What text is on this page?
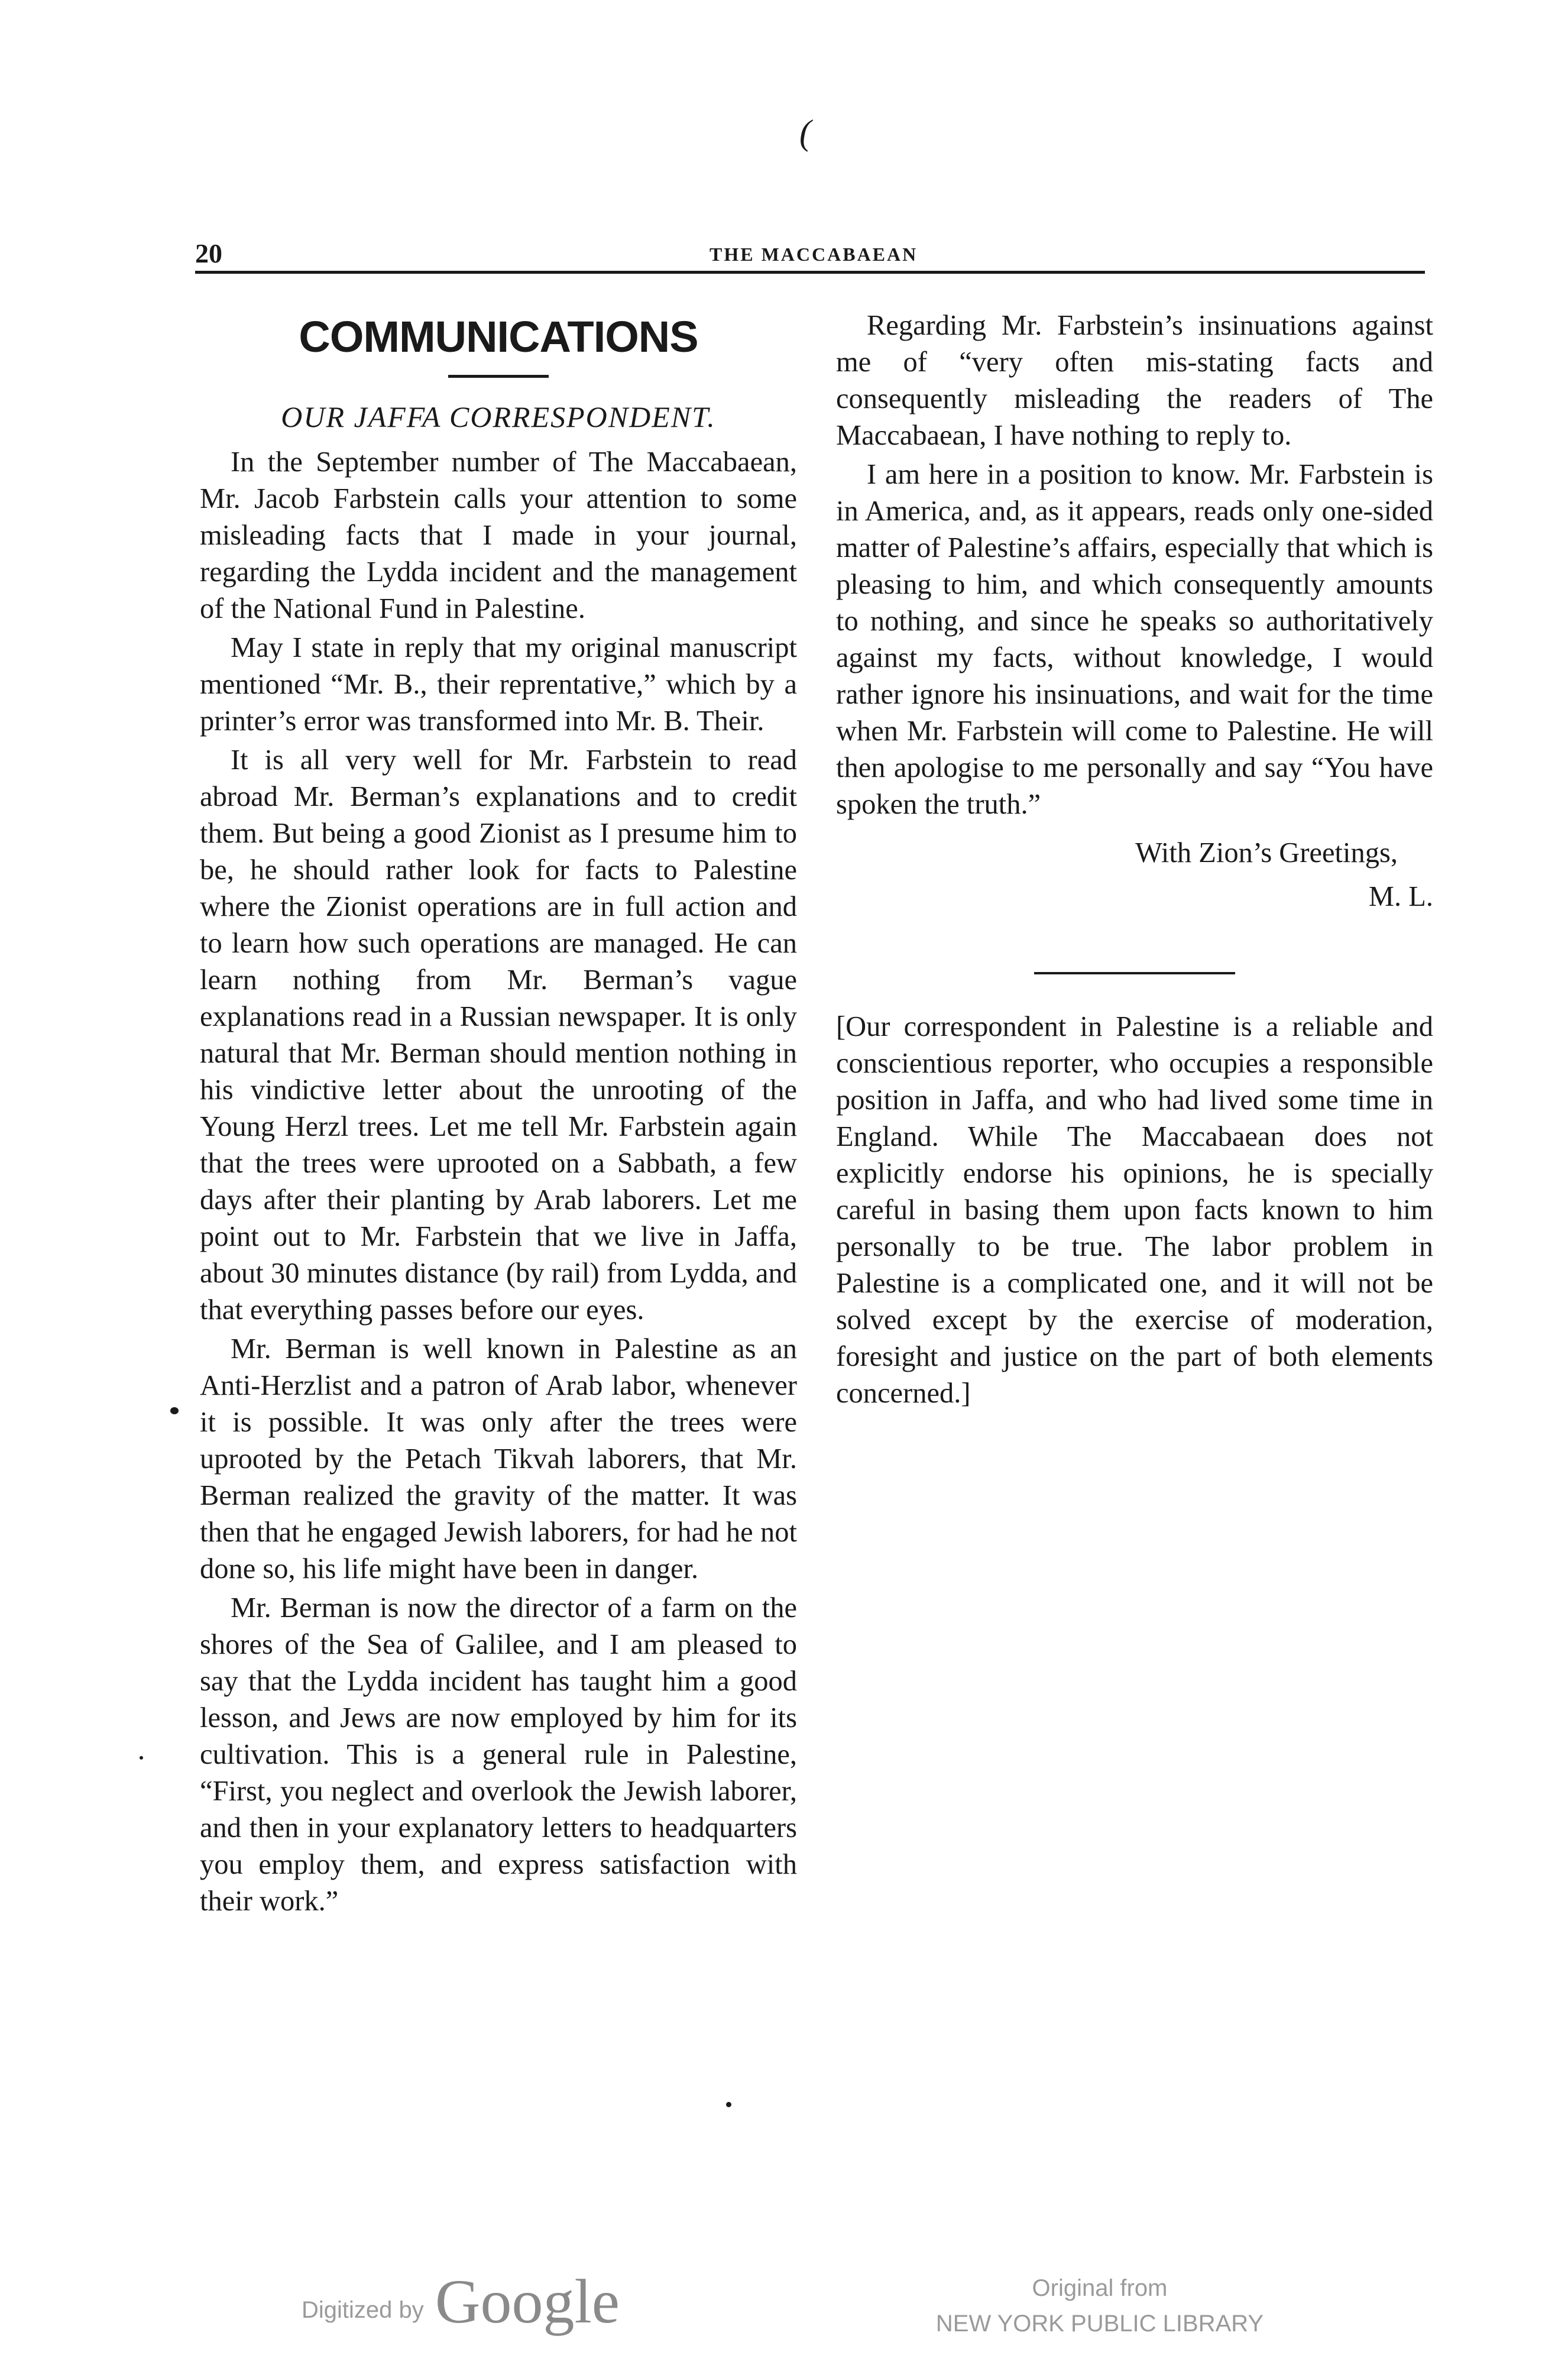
(
20	THE MACCABAEAN
COMMUNICATIONS
OUR JAFFA CORRESPONDENT.

In the September number of The Maccabaean, Mr. Jacob Farbstein calls your attention to some misleading facts that I made in your journal, regarding the Lydda incident and the management of the National Fund in Palestine.

May I state in reply that my original manuscript mentioned “Mr. B., their reprentative,” which by a printer’s error was transformed into Mr. B. Their.

It is all very well for Mr. Farbstein to read abroad Mr. Berman’s explanations and to credit them. But being a good Zionist as I presume him to be, he should rather look for facts to Palestine where the Zionist operations are in full action and to learn how such operations are managed. He can learn nothing from Mr. Berman’s vague explanations read in a Russian newspaper. It is only natural that Mr. Berman should mention nothing in his vindictive letter about the unrooting of the Young Herzl trees. Let me tell Mr. Farbstein again that the trees were uprooted on a Sabbath, a few days after their planting by Arab laborers. Let me point out to Mr. Farbstein that we live in Jaffa, about 30 minutes distance (by rail) from Lydda, and that everything passes before our eyes.

Mr. Berman is well known in Palestine as an Anti-Herzlist and a patron of Arab labor, whenever it is possible. It was only after the trees were uprooted by the Petach Tikvah laborers, that Mr. Berman realized the gravity of the matter. It was then that he engaged Jewish laborers, for had he not done so, his life might have been in danger.

Mr. Berman is now the director of a farm on the shores of the Sea of Galilee, and I am pleased to say that the Lydda incident has taught him a good lesson, and Jews are now employed by him for its cultivation. This is a general rule in Palestine, “First, you neglect and overlook the Jewish laborer, and then in your explanatory letters to headquarters you employ them, and express satisfaction with their work.”

Regarding Mr. Farbstein’s insinuations against me of “very often mis-stating facts and consequently misleading the readers of The Maccabaean, I have nothing to reply to.

I am here in a position to know. Mr. Farbstein is in America, and, as it appears, reads only one-sided matter of Palestine’s affairs, especially that which is pleasing to him, and which consequently amounts to nothing, and since he speaks so authoritatively against my facts, without knowledge, I would rather ignore his insinuations, and wait for the time when Mr. Farbstein will come to Palestine. He will then apologise to me personally and say “You have spoken the truth.”

With Zion’s Greetings,
M. L.

[Our correspondent in Palestine is a reliable and conscientious reporter, who occupies a responsible position in Jaffa, and who had lived some time in England. While The Maccabaean does not explicitly endorse his opinions, he is specially careful in basing them upon facts known to him personally to be true. The labor problem in Palestine is a complicated one, and it will not be solved except by the exercise of moderation, foresight and justice on the part of both elements concerned.]

Digitized by Google	Original from
NEW YORK PUBLIC LIBRARY
